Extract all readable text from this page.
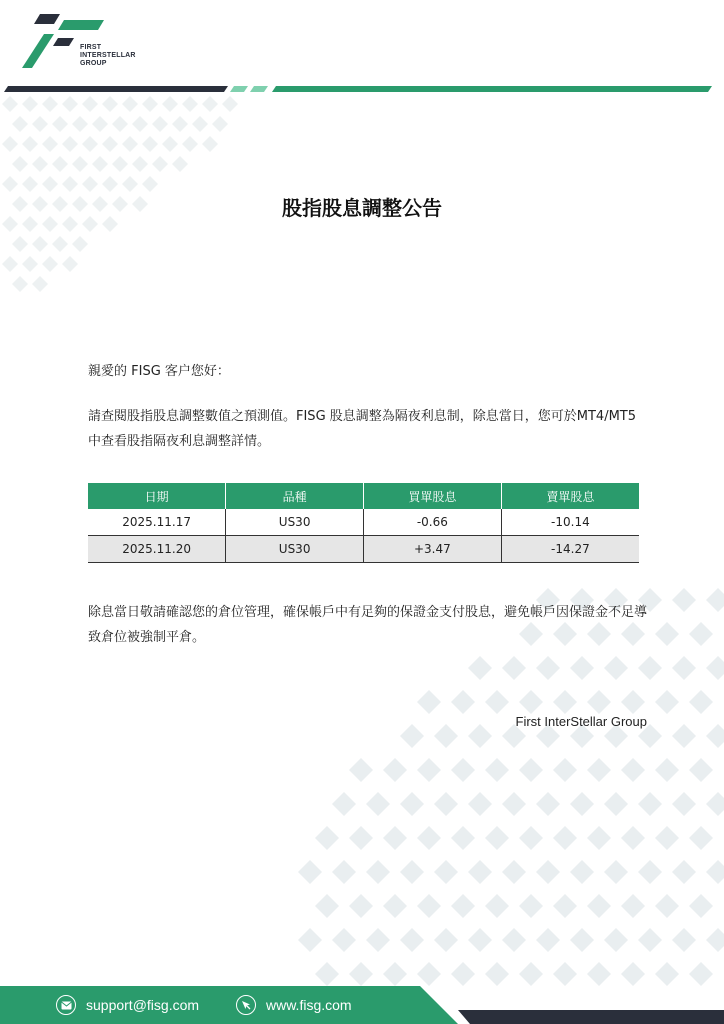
FIRST
INTERSTELLAR
GROUP
股指股息調整公告

親愛的 FISG 客户您好：

請查閱股指股息調整數值之預測值。FISG 股息調整為隔夜利息制，除息當日，您可於MT4/MT5 中查看股指隔夜利息調整詳情。

日期	品種	買單股息	賣單股息
2025.11.17	US30	-0.66	-10.14
2025.11.20	US30	+3.47	-14.27

除息當日敬請確認您的倉位管理，確保帳戶中有足夠的保證金支付股息，避免帳戶因保證金不足導致倉位被強制平倉。

First InterStellar Group
support@fisg.com	www.fisg.com
